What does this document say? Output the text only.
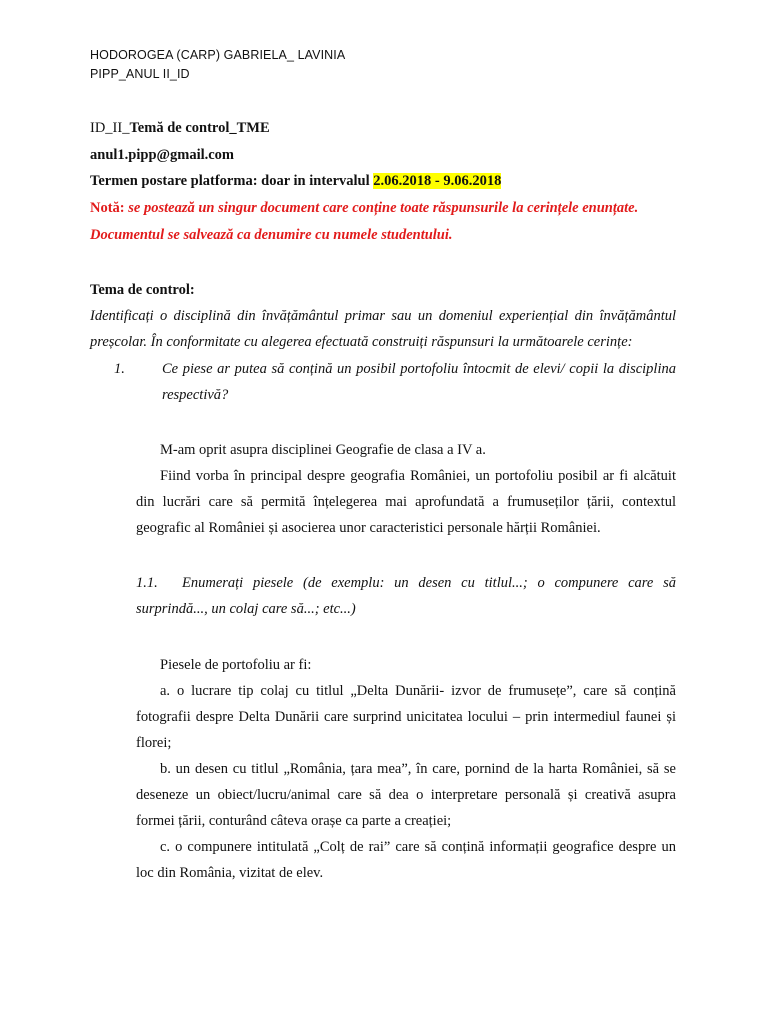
HODOROGEA (CARP) GABRIELA_ LAVINIA
PIPP_ANUL II_ID
ID_II_Temă de control_TME
anul1.pipp@gmail.com
Termen postare platforma: doar in intervalul 2.06.2018 - 9.06.2018
Notă: se postează un singur document care conține toate răspunsurile la cerințele enunțate.
Documentul se salvează ca denumire cu numele studentului.
Tema de control:
Identificați o disciplină din învățământul primar sau un domeniul experiențial din învățământul preșcolar. În conformitate cu alegerea efectuată construiți răspunsuri la următoarele cerințe:
1.	Ce piese ar putea să conțină un posibil portofoliu întocmit de elevi/ copii la disciplina respectivă?

M-am oprit asupra disciplinei Geografie de clasa a IV a.

Fiind vorba în principal despre geografia României, un portofoliu posibil ar fi alcătuit din lucrări care să permită înțelegerea mai aprofundată a frumuseților țării, contextul geografic al României și asocierea unor caracteristici personale hărții României.

1.1.	Enumerați piesele (de exemplu: un desen cu titlul...; o compunere care să surprindă..., un colaj care să...; etc...)

Piesele de portofoliu ar fi:

a. o lucrare tip colaj cu titlul „Delta Dunării- izvor de frumusețe”, care să conțină fotografii despre Delta Dunării care surprind unicitatea locului – prin intermediul faunei și florei;

b. un desen cu titlul „România, țara mea”, în care, pornind de la harta României, să se deseneze un obiect/lucru/animal care să dea o interpretare personală și creativă asupra formei țării, conturând câteva orașe ca parte a creației;

c. o compunere intitulată „Colț de rai” care să conțină informații geografice despre un loc din România, vizitat de elev.
